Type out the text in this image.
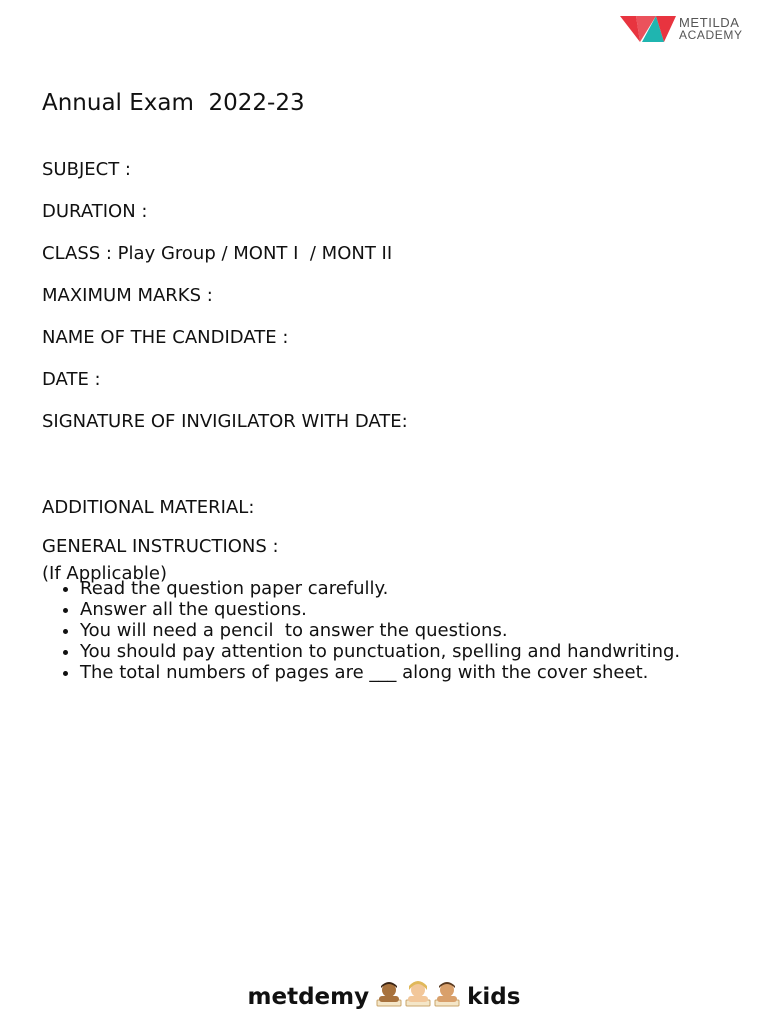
METILDA
ACADEMY
Annual Exam  2022-23
SUBJECT :
DURATION :
CLASS : Play Group / MONT I  / MONT II
MAXIMUM MARKS :
NAME OF THE CANDIDATE :
DATE :
SIGNATURE OF INVIGILATOR WITH DATE:

ADDITIONAL MATERIAL:

(If Applicable)

GENERAL INSTRUCTIONS :
• Read the question paper carefully.
• Answer all the questions.
• You will need a pencil  to answer the questions.
• You should pay attention to punctuation, spelling and handwriting.
• The total numbers of pages are ___ along with the cover sheet.
metdemy	kids
